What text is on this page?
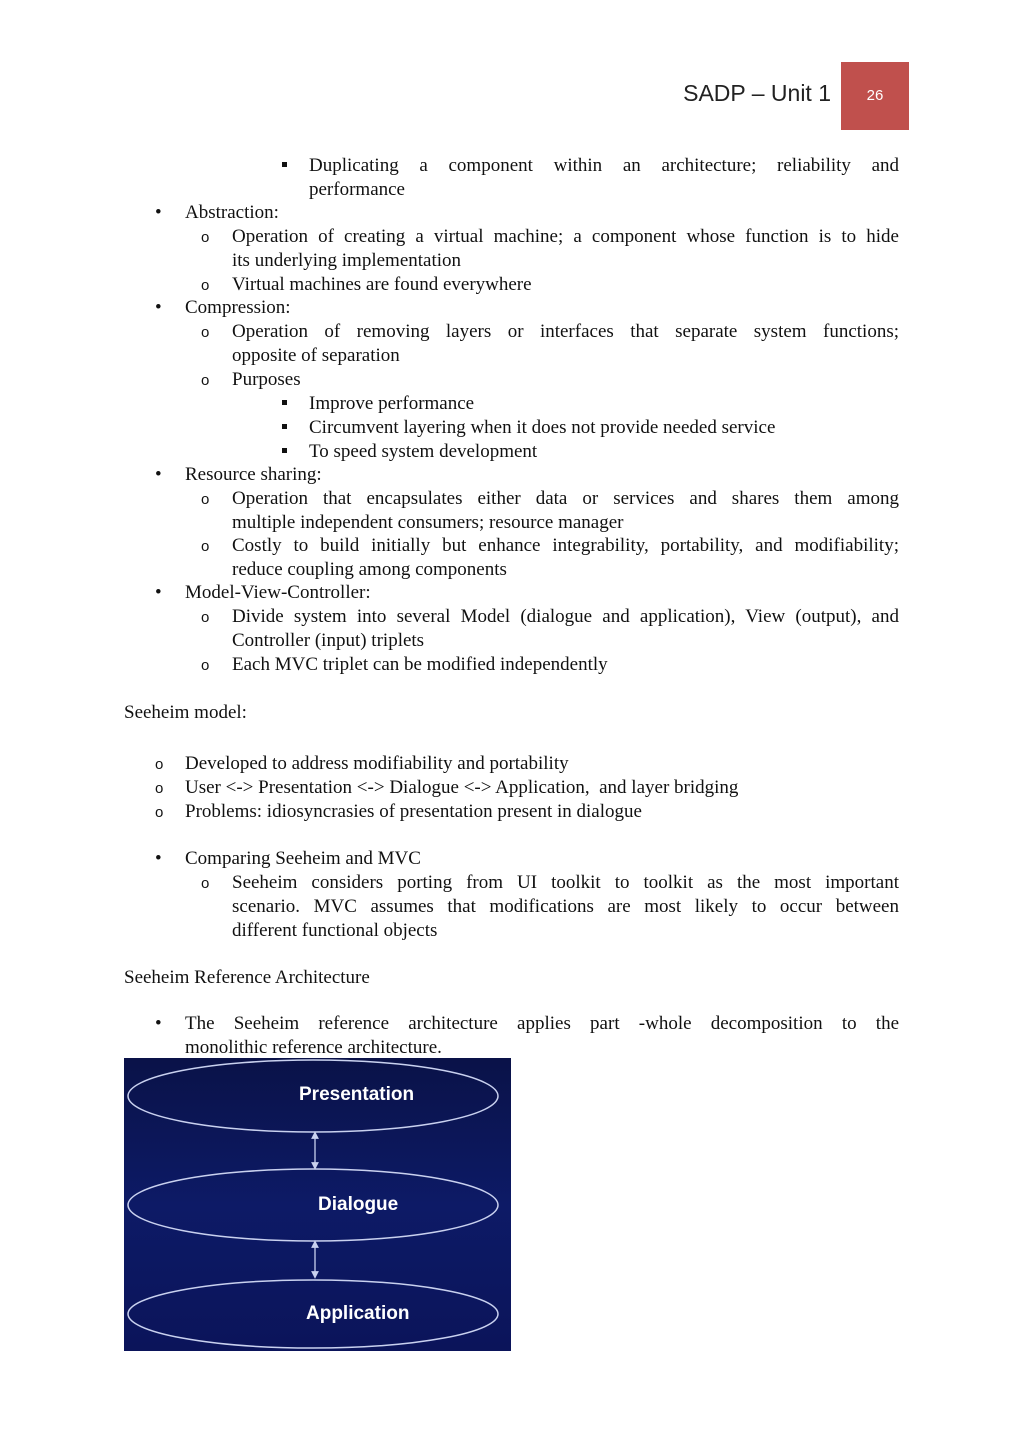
SADP – Unit 1	26
Duplicating a component within an architecture; reliability and
performance
•
Abstraction:
o Operation of creating a virtual machine; a component whose function is to hide
its underlying implementation
o Virtual machines are found everywhere
•
Compression:
o Operation of removing layers or interfaces that separate system functions;
opposite of separation
o Purposes
Improve performance
Circumvent layering when it does not provide needed service
To speed system development
•
Resource sharing:
o Operation that encapsulates either data or services and shares them among
multiple independent consumers; resource manager
o Costly to build initially but enhance integrability, portability, and modifiability;
reduce coupling among components
•
Model-View-Controller:
o Divide system into several Model (dialogue and application), View (output), and
Controller (input) triplets
o Each MVC triplet can be modified independently
Seeheim model:
o Developed to address modifiability and portability
o User <-> Presentation <-> Dialogue <-> Application,  and layer bridging
o Problems: idiosyncrasies of presentation present in dialogue
•
Comparing Seeheim and MVC
o Seeheim considers porting from UI toolkit to toolkit as the most important
scenario. MVC assumes that modifications are most likely to occur between
different functional objects
Seeheim Reference Architecture
•
The Seeheim reference architecture applies part -whole decomposition to the
monolithic reference architecture.
Presentation
Dialogue
Application
